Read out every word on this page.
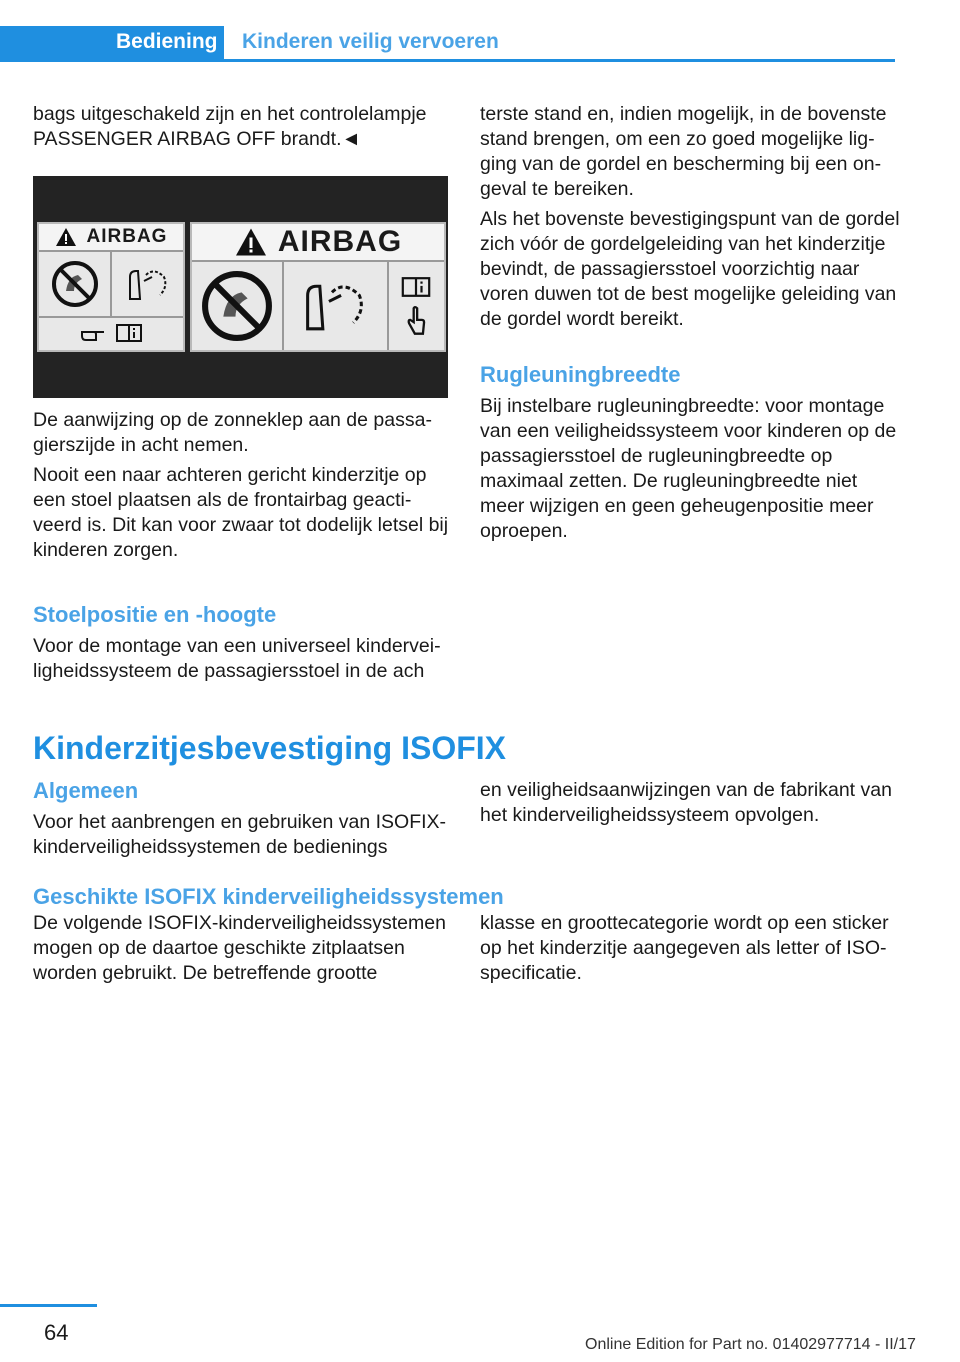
Bediening	Kinderen veilig vervoeren

bags uitgeschakeld zijn en het controlelampje PASSENGER AIRBAG OFF brandt.◄

AIRBAG	AIRBAG

De aanwijzing op de zonneklep aan de passagierszijde in acht nemen.

Nooit een naar achteren gericht kinderzitje op een stoel plaatsen als de frontairbag geactiveerd is. Dit kan voor zwaar tot dodelijk letsel bij kinderen zorgen.

Stoelpositie en -hoogte

Voor de montage van een universeel kinderveiligheidssysteem de passagiersstoel in de ach

terste stand en, indien mogelijk, in de bovenste stand brengen, om een zo goed mogelijke ligging van de gordel en bescherming bij een ongeval te bereiken.

Als het bovenste bevestigingspunt van de gordel zich vóór de gordelgeleiding van het kinderzitje bevindt, de passagiersstoel voorzichtig naar voren duwen tot de best mogelijke geleiding van de gordel wordt bereikt.

Rugleuningbreedte

Bij instelbare rugleuningbreedte: voor montage van een veiligheidssysteem voor kinderen op de passagiersstoel de rugleuningbreedte op maximaal zetten. De rugleuningbreedte niet meer wijzigen en geen geheugenpositie meer oproepen.

Kinderzitjesbevestiging ISOFIX
Algemeen

Voor het aanbrengen en gebruiken van ISOFIX-kinderveiligheidssystemen de bedienings

en veiligheidsaanwijzingen van de fabrikant van het kinderveiligheidssysteem opvolgen.

Geschikte ISOFIX kinderveiligheidssystemen

De volgende ISOFIX-kinderveiligheidssystemen mogen op de daartoe geschikte zitplaatsen worden gebruikt. De betreffende grootte

klasse en groottecategorie wordt op een sticker op het kinderzitje aangegeven als letter of ISO-specificatie.

64	Online Edition for Part no. 01402977714 - II/17
